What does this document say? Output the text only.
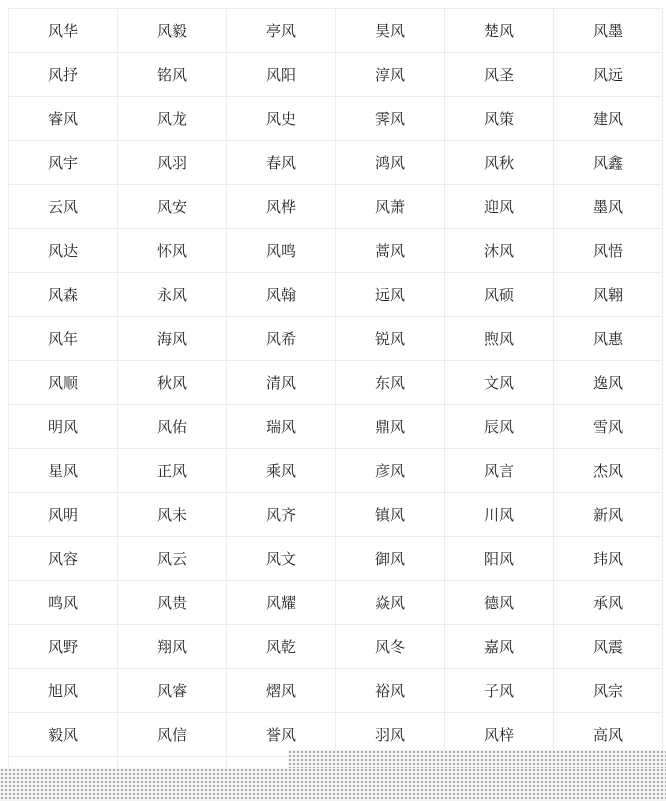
风华	风毅	亭风	昊风	楚风	风墨
风抒	铭风	风阳	淳风	风圣	风远
睿风	风龙	风史	霁风	风策	建风
风宇	风羽	春风	鸿风	风秋	风鑫
云风	风安	风桦	风萧	迎风	墨风
风达	怀风	风鸣	蒿风	沐风	风悟
风森	永风	风翰	远风	风硕	风翱
风年	海风	风希	锐风	煦风	风惠
风顺	秋风	清风	东风	文风	逸风
明风	风佑	瑞风	鼎风	辰风	雪风
星风	正风	乘风	彦风	风言	杰风
风明	风未	风齐	镇风	川风	新风
风容	风云	风文	御风	阳风	玮风
鸣风	风贵	风耀	焱风	德风	承风
风野	翔风	风乾	风冬	嘉风	风震
旭风	风睿	熠风	裕风	子风	风宗
毅风	风信	誉风	羽风	风梓	高风
